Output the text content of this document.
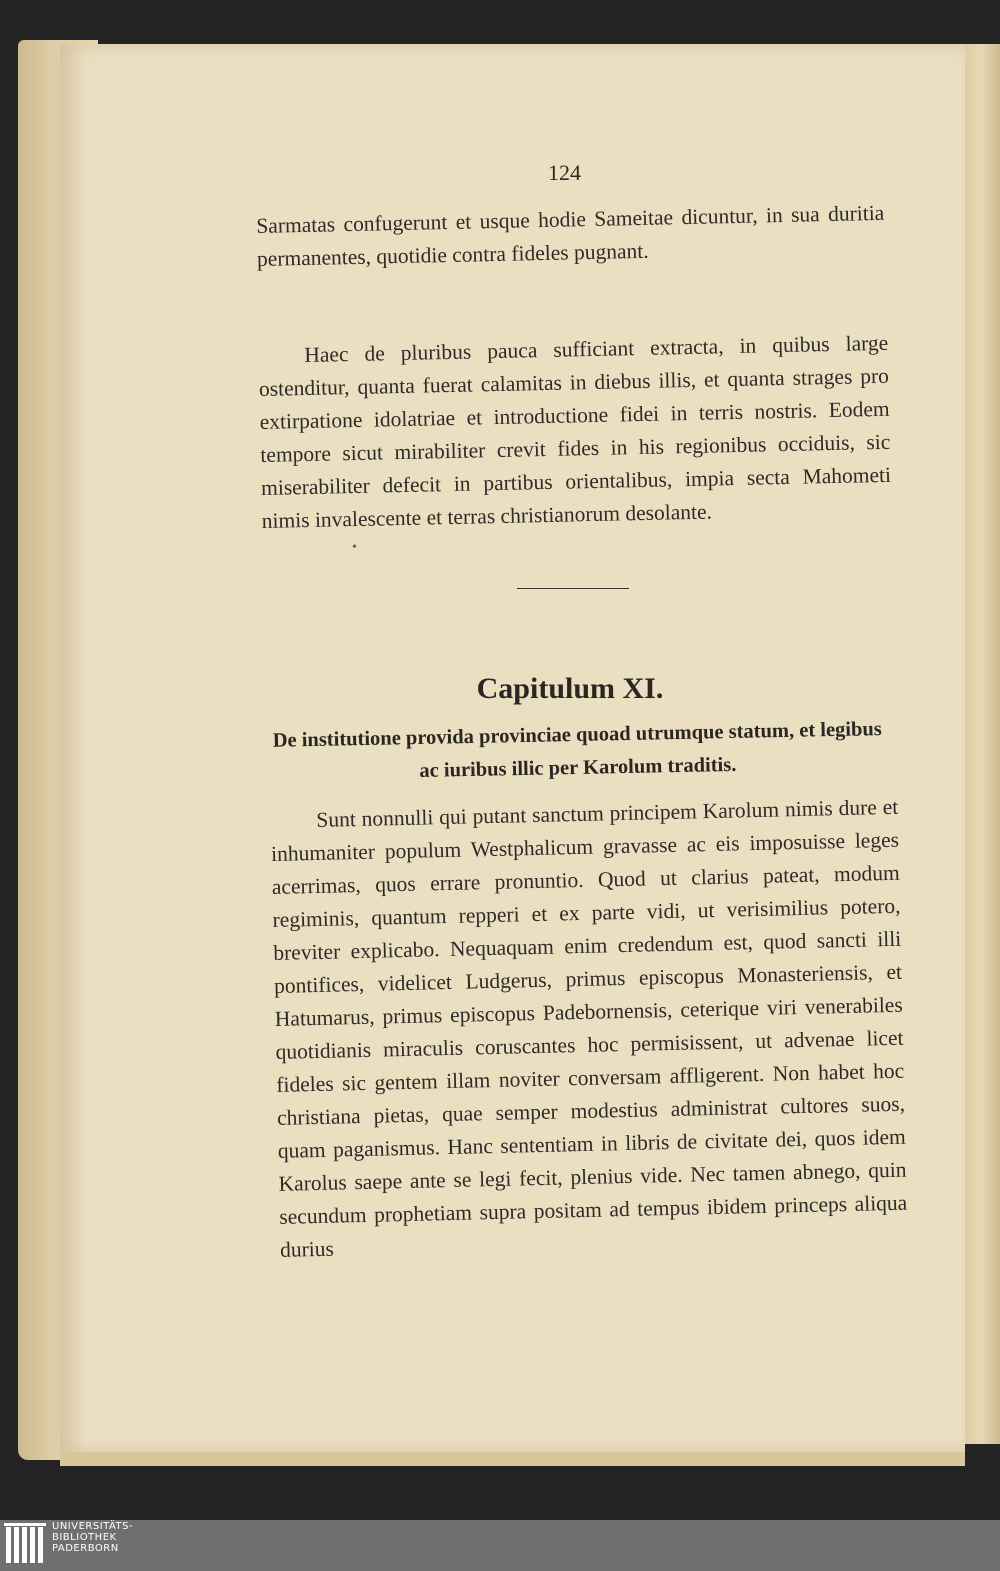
124

Sarmatas confugerunt et usque hodie Sameitae dicuntur, in sua duritia permanentes, quotidie contra fideles pugnant.

Haec de pluribus pauca sufficiant extracta, in quibus large ostenditur, quanta fuerat calamitas in diebus illis, et quanta strages pro extirpatione idolatriae et introductione fidei in terris nostris. Eodem tempore sicut mirabiliter crevit fides in his regionibus occiduis, sic miserabiliter defecit in partibus orientalibus, impia secta Mahometi nimis invalescente et terras christianorum desolante.

Capitulum XI.
De institutione provida provinciae quoad utrumque statum, et legibus ac iuribus illic per Karolum traditis.

Sunt nonnulli qui putant sanctum principem Karolum nimis dure et inhumaniter populum Westphalicum gravasse ac eis imposuisse leges acerrimas, quos errare pronuntio. Quod ut clarius pateat, modum regiminis, quantum repperi et ex parte vidi, ut verisimilius potero, breviter explicabo. Nequaquam enim credendum est, quod sancti illi pontifices, videlicet Ludgerus, primus episcopus Monasteriensis, et Hatumarus, primus episcopus Padebornensis, ceterique viri venerabiles quotidianis miraculis coruscantes hoc permisissent, ut advenae licet fideles sic gentem illam noviter conversam affligerent. Non habet hoc christiana pietas, quae semper modestius administrat cultores suos, quam paganismus. Hanc sententiam in libris de civitate dei, quos idem Karolus saepe ante se legi fecit, plenius vide. Nec tamen abnego, quin secundum prophetiam supra positam ad tempus ibidem princeps aliqua durius

•
UNIVERSITÄTS-
BIBLIOTHEK
PADERBORN
